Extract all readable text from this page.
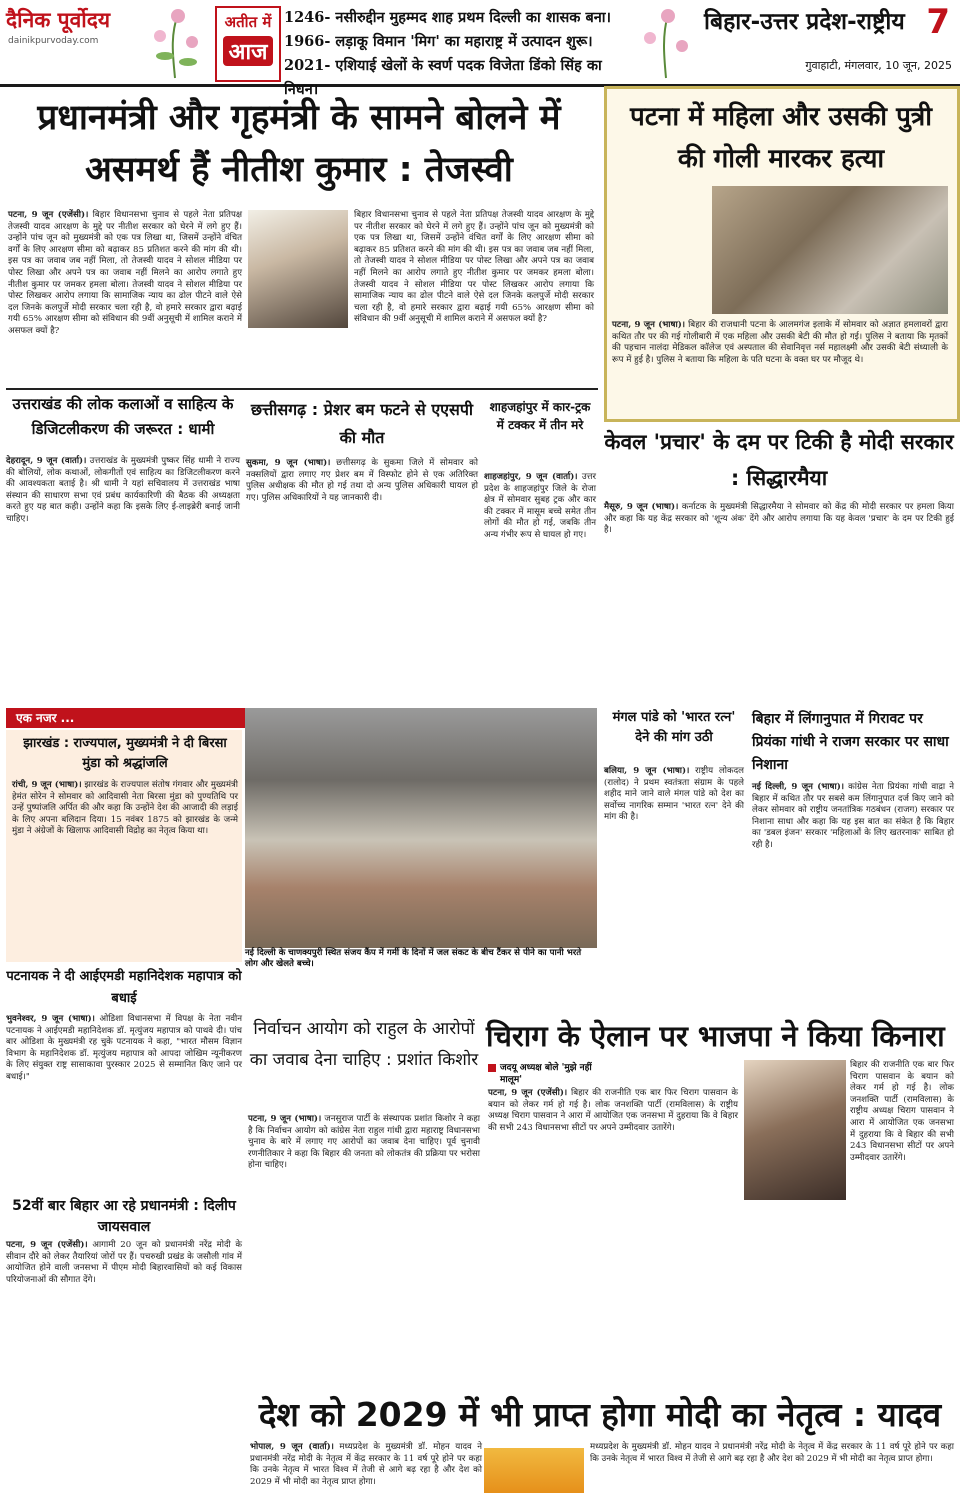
दैनिक पूर्वोदय
dainikpurvoday.com
अतीत में
आज
1246- नसीरुद्दीन मुहम्मद शाह प्रथम दिल्ली का शासक बना।
1966- लड़ाकू विमान 'मिग' का महाराष्ट्र में उत्पादन शुरू।
2021- एशियाई खेलों के स्वर्ण पदक विजेता डिंको सिंह का निधन।
बिहार-उत्तर प्रदेश-राष्ट्रीय 7
गुवाहाटी, मंगलवार, 10 जून, 2025
प्रधानमंत्री और गृहमंत्री के सामने बोलने में असमर्थ हैं नीतीश कुमार : तेजस्वी
पटना, 9 जून (एजेंसी)। बिहार विधानसभा चुनाव से पहले नेता प्रतिपक्ष तेजस्वी यादव आरक्षण के मुद्दे पर नीतीश सरकार को घेरने में लगे हुए हैं। उन्होंने पांच जून को मुख्यमंत्री को एक पत्र लिखा था, जिसमें उन्होंने वंचित वर्गों के लिए आरक्षण सीमा को बढ़ाकर 85 प्रतिशत करने की मांग की थी। इस पत्र का जवाब जब नहीं मिला, तो तेजस्वी यादव ने सोशल मीडिया पर पोस्ट लिखा और अपने पत्र का जवाब नहीं मिलने का आरोप लगाते हुए नीतीश कुमार पर जमकर हमला बोला। तेजस्वी यादव ने सोशल मीडिया पर पोस्ट लिखकर आरोप लगाया कि सामाजिक न्याय का ढोल पीटने वाले ऐसे दल जिनके कलपुर्जे मोदी सरकार चला रही है, वो हमारे सरकार द्वारा बढ़ाई गयी 65% आरक्षण सीमा को संविधान की 9वीं अनुसूची में शामिल कराने में असफल क्यों है?
बिहार विधानसभा चुनाव से पहले नेता प्रतिपक्ष तेजस्वी यादव आरक्षण के मुद्दे पर नीतीश सरकार को घेरने में लगे हुए हैं। उन्होंने पांच जून को मुख्यमंत्री को एक पत्र लिखा था, जिसमें उन्होंने वंचित वर्गों के लिए आरक्षण सीमा को बढ़ाकर 85 प्रतिशत करने की मांग की थी। इस पत्र का जवाब जब नहीं मिला, तो तेजस्वी यादव ने सोशल मीडिया पर पोस्ट लिखा और अपने पत्र का जवाब नहीं मिलने का आरोप लगाते हुए नीतीश कुमार पर जमकर हमला बोला। तेजस्वी यादव ने सोशल मीडिया पर पोस्ट लिखकर आरोप लगाया कि सामाजिक न्याय का ढोल पीटने वाले ऐसे दल जिनके कलपुर्जे मोदी सरकार चला रही है, वो हमारे सरकार द्वारा बढ़ाई गयी 65% आरक्षण सीमा को संविधान की 9वीं अनुसूची में शामिल कराने में असफल क्यों है?
पटना में महिला और उसकी पुत्री की गोली मारकर हत्या
पटना, 9 जून (भाषा)। बिहार की राजधानी पटना के आलमगंज इलाके में सोमवार को अज्ञात हमलावरों द्वारा कथित तौर पर की गई गोलीबारी में एक महिला और उसकी बेटी की मौत हो गई। पुलिस ने बताया कि मृतकों की पहचान नालंदा मेडिकल कॉलेज एवं अस्पताल की सेवानिवृत्त नर्स महालक्ष्मी और उसकी बेटी संध्याली के रूप में हुई है। पुलिस ने बताया कि महिला के पति घटना के वक्त घर पर मौजूद थे।
उत्तराखंड की लोक कलाओं व साहित्य के डिजिटलीकरण की जरूरत : धामी
देहरादून, 9 जून (वार्ता)। उत्तराखंड के मुख्यमंत्री पुष्कर सिंह धामी ने राज्य की बोलियों, लोक कथाओं, लोकगीतों एवं साहित्य का डिजिटलीकरण करने की आवश्यकता बताई है। श्री धामी ने यहां सचिवालय में उत्तराखंड भाषा संस्थान की साधारण सभा एवं प्रबंध कार्यकारिणी की बैठक की अध्यक्षता करते हुए यह बात कही। उन्होंने कहा कि इसके लिए ई-लाइब्रेरी बनाई जानी चाहिए।
छत्तीसगढ़ : प्रेशर बम फटने से एएसपी की मौत
सुकमा, 9 जून (भाषा)। छत्तीसगढ़ के सुकमा जिले में सोमवार को नक्सलियों द्वारा लगाए गए प्रेशर बम में विस्फोट होने से एक अतिरिक्त पुलिस अधीक्षक की मौत हो गई तथा दो अन्य पुलिस अधिकारी घायल हो गए। पुलिस अधिकारियों ने यह जानकारी दी।
शाहजहांपुर में कार-ट्रक में टक्कर में तीन मरे
शाहजहांपुर, 9 जून (वार्ता)। उत्तर प्रदेश के शाहजहांपुर जिले के रोजा क्षेत्र में सोमवार सुबह ट्रक और कार की टक्कर में मासूम बच्चे समेत तीन लोगों की मौत हो गई, जबकि तीन अन्य गंभीर रूप से घायल हो गए।
केवल 'प्रचार' के दम पर टिकी है मोदी सरकार : सिद्धारमैया
मैसूरु, 9 जून (भाषा)। कर्नाटक के मुख्यमंत्री सिद्धारमैया ने सोमवार को केंद्र की मोदी सरकार पर हमला किया और कहा कि यह केंद्र सरकार को 'शून्य अंक' देंगे और आरोप लगाया कि यह केवल 'प्रचार' के दम पर टिकी हुई है।
एक नजर ...
झारखंड : राज्यपाल, मुख्यमंत्री ने दी बिरसा मुंडा को श्रद्धांजलि
रांची, 9 जून (भाषा)। झारखंड के राज्यपाल संतोष गंगवार और मुख्यमंत्री हेमंत सोरेन ने सोमवार को आदिवासी नेता बिरसा मुंडा को पुण्यतिथि पर उन्हें पुष्पांजलि अर्पित की और कहा कि उन्होंने देश की आजादी की लड़ाई के लिए अपना बलिदान दिया। 15 नवंबर 1875 को झारखंड के जन्मे मुंडा ने अंग्रेजों के खिलाफ आदिवासी विद्रोह का नेतृत्व किया था।
नई दिल्ली के चाणक्यपुरी स्थित संजय कैंप में गर्मी के दिनों में जल संकट के बीच टैंकर से पीने का पानी भरते लोग और खेलते बच्चे।
मंगल पांडे को 'भारत रत्न' देने की मांग उठी
बलिया, 9 जून (भाषा)। राष्ट्रीय लोकदल (रालोद) ने प्रथम स्वतंत्रता संग्राम के पहले शहीद माने जाने वाले मंगल पांडे को देश का सर्वोच्च नागरिक सम्मान 'भारत रत्न' देने की मांग की है।
बिहार में लिंगानुपात में गिरावट पर प्रियंका गांधी ने राजग सरकार पर साधा निशाना
नई दिल्ली, 9 जून (भाषा)। कांग्रेस नेता प्रियंका गांधी वाद्रा ने बिहार में कथित तौर पर सबसे कम लिंगानुपात दर्ज किए जाने को लेकर सोमवार को राष्ट्रीय जनतांत्रिक गठबंधन (राजग) सरकार पर निशाना साधा और कहा कि यह इस बात का संकेत है कि बिहार का 'डबल इंजन' सरकार 'महिलाओं के लिए खतरनाक' साबित हो रही है।
पटनायक ने दी आईएमडी महानिदेशक महापात्र को बधाई
भुवनेश्वर, 9 जून (भाषा)। ओडिशा विधानसभा में विपक्ष के नेता नवीन पटनायक ने आईएमडी महानिदेशक डॉ. मृत्युंजय महापात्र को पाथवे दी। पांच बार ओडिशा के मुख्यमंत्री रह चुके पटनायक ने कहा, "भारत मौसम विज्ञान विभाग के महानिदेशक डॉ. मृत्युंजय महापात्र को आपदा जोखिम न्यूनीकरण के लिए संयुक्त राष्ट्र सासाकावा पुरस्कार 2025 से सम्मानित किए जाने पर बधाई।"
52वीं बार बिहार आ रहे प्रधानमंत्री : दिलीप जायसवाल
पटना, 9 जून (एजेंसी)। आगामी 20 जून को प्रधानमंत्री नरेंद्र मोदी के सीवान दौरे को लेकर तैयारियां जोरों पर हैं। पचरुखी प्रखंड के जसौली गांव में आयोजित होने वाली जनसभा में पीएम मोदी बिहारवासियों को कई विकास परियोजनाओं की सौगात देंगे।
निर्वाचन आयोग को राहुल के आरोपों का जवाब देना चाहिए : प्रशांत किशोर
पटना, 9 जून (भाषा)। जनसुराज पार्टी के संस्थापक प्रशांत किशोर ने कहा है कि निर्वाचन आयोग को कांग्रेस नेता राहुल गांधी द्वारा महाराष्ट्र विधानसभा चुनाव के बारे में लगाए गए आरोपों का जवाब देना चाहिए। पूर्व चुनावी रणनीतिकार ने कहा कि बिहार की जनता को लोकतंत्र की प्रक्रिया पर भरोसा होना चाहिए।
चिराग के ऐलान पर भाजपा ने किया किनारा
जदयू अध्यक्ष बोले 'मुझे नहीं मालूम'
पटना, 9 जून (एजेंसी)। बिहार की राजनीति एक बार फिर चिराग पासवान के बयान को लेकर गर्म हो गई है। लोक जनशक्ति पार्टी (रामविलास) के राष्ट्रीय अध्यक्ष चिराग पासवान ने आरा में आयोजित एक जनसभा में दुहराया कि वे बिहार की सभी 243 विधानसभा सीटों पर अपने उम्मीदवार उतारेंगे।
बिहार की राजनीति एक बार फिर चिराग पासवान के बयान को लेकर गर्म हो गई है। लोक जनशक्ति पार्टी (रामविलास) के राष्ट्रीय अध्यक्ष चिराग पासवान ने आरा में आयोजित एक जनसभा में दुहराया कि वे बिहार की सभी 243 विधानसभा सीटों पर अपने उम्मीदवार उतारेंगे।
देश को 2029 में भी प्राप्त होगा मोदी का नेतृत्व : यादव
भोपाल, 9 जून (वार्ता)। मध्यप्रदेश के मुख्यमंत्री डॉ. मोहन यादव ने प्रधानमंत्री नरेंद्र मोदी के नेतृत्व में केंद्र सरकार के 11 वर्ष पूरे होने पर कहा कि उनके नेतृत्व में भारत विश्व में तेजी से आगे बढ़ रहा है और देश को 2029 में भी मोदी का नेतृत्व प्राप्त होगा।
मध्यप्रदेश के मुख्यमंत्री डॉ. मोहन यादव ने प्रधानमंत्री नरेंद्र मोदी के नेतृत्व में केंद्र सरकार के 11 वर्ष पूरे होने पर कहा कि उनके नेतृत्व में भारत विश्व में तेजी से आगे बढ़ रहा है और देश को 2029 में भी मोदी का नेतृत्व प्राप्त होगा।
